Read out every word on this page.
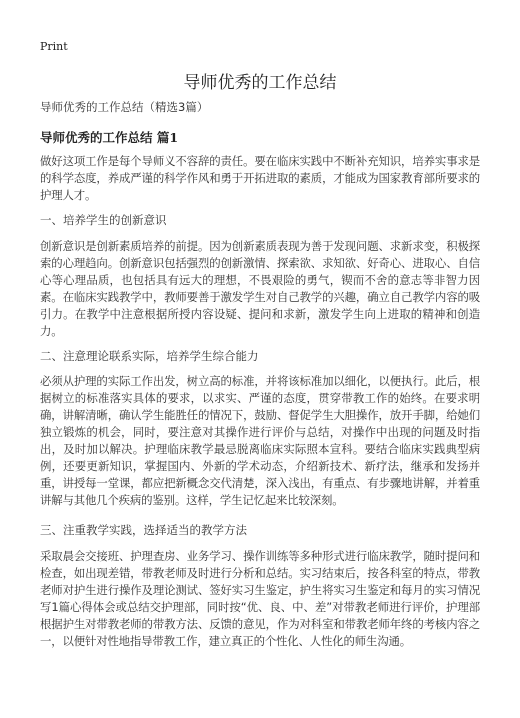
Print
导师优秀的工作总结
导师优秀的工作总结（精选3篇）
导师优秀的工作总结 篇1
做好这项工作是每个导师义不容辞的责任。要在临床实践中不断补充知识，培养实事求是的科学态度，养成严谨的科学作风和勇于开拓进取的素质，才能成为国家教育部所要求的护理人才。
一、培养学生的创新意识
创新意识是创新素质培养的前提。因为创新素质表现为善于发现问题、求新求变，积极探索的心理趋向。创新意识包括强烈的创新激情、探索欲、求知欲、好奇心、进取心、自信心等心理品质，也包括具有远大的理想，不畏艰险的勇气，锲而不舍的意志等非智力因素。在临床实践教学中，教师要善于激发学生对自己教学的兴趣，确立自己教学内容的吸引力。在教学中注意根据所授内容设疑、提问和求新，激发学生向上进取的精神和创造力。
二、注意理论联系实际，培养学生综合能力
必须从护理的实际工作出发，树立高的标准，并将该标准加以细化，以便执行。此后，根据树立的标准落实具体的要求，以求实、严谨的态度，贯穿带教工作的始终。在要求明确，讲解清晰，确认学生能胜任的情况下，鼓励、督促学生大胆操作，放开手脚，给她们独立锻炼的机会，同时，要注意对其操作进行评价与总结，对操作中出现的问题及时指出，及时加以解决。护理临床教学最忌脱离临床实际照本宣科。要结合临床实践典型病例，还要更新知识，掌握国内、外新的学术动态，介绍新技术、新疗法，继承和发扬并重，讲授每一堂课，都应把新概念交代清楚，深入浅出，有重点、有步骤地讲解，并着重讲解与其他几个疾病的鉴别。这样，学生记忆起来比较深刻。
三、注重教学实践，选择适当的教学方法
采取晨会交接班、护理查房、业务学习、操作训练等多种形式进行临床教学，随时提问和检查，如出现差错，带教老师及时进行分析和总结。实习结束后，按各科室的特点，带教老师对护生进行操作及理论测试、签好实习生鉴定，护生将实习生鉴定和每月的实习情况写1篇心得体会或总结交护理部，同时按“优、良、中、差”对带教老师进行评价，护理部根据护生对带教老师的带教方法、反馈的意见，作为对科室和带教老师年终的考核内容之一，以便针对性地指导带教工作，建立真正的个性化、人性化的师生沟通。
